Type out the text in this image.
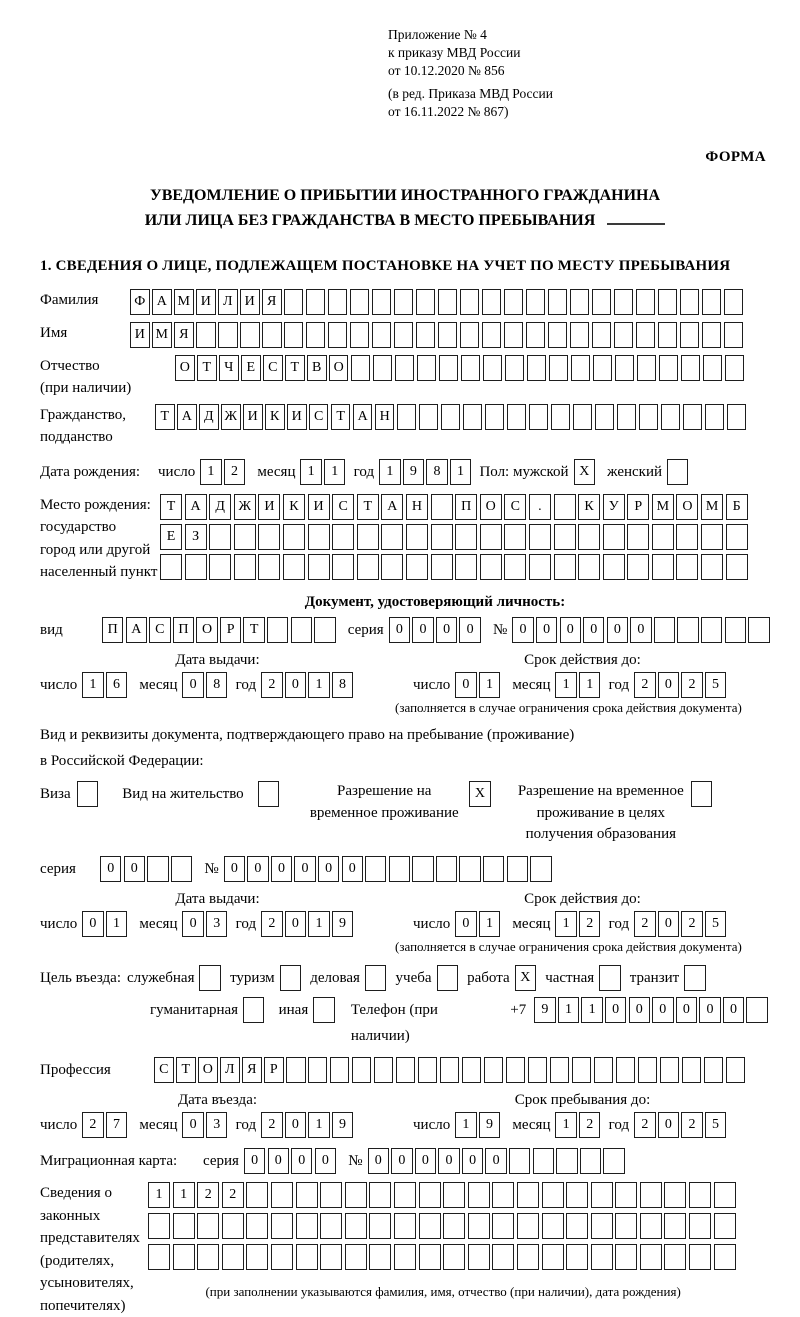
Приложение № 4
к приказу МВД России
от 10.12.2020 № 856
(в ред. Приказа МВД России
от 16.11.2022 № 867)
ФОРМА
УВЕДОМЛЕНИЕ О ПРИБЫТИИ ИНОСТРАННОГО ГРАЖДАНИНА
ИЛИ ЛИЦА БЕЗ ГРАЖДАНСТВА В МЕСТО ПРЕБЫВАНИЯ
1. СВЕДЕНИЯ О ЛИЦЕ, ПОДЛЕЖАЩЕМ ПОСТАНОВКЕ НА УЧЕТ ПО МЕСТУ ПРЕБЫВАНИЯ
Фамилия	Ф А М И Л И Я
Имя	И М Я
Отчество
(при наличии)
О Т Ч Е С Т В О
Гражданство,
подданство
Т А Д Ж И К И С Т А Н
Дата рождения:	число 1	2	месяц 1	1	год 1	9	8	1	Пол: мужской X	женский
Место рождения:
государство
город или другой
населенный пункт
Т	А	Д Ж И	К	И	С	Т	А	Н	П	О	С	.	К	У	Р	М О М	Б
Е	З
Документ, удостоверяющий личность:
вид	П А С П О	Р	Т	серия 0	0	0	0	№ 0	0	0	0	0	0
Дата выдачи:
число 1	6	месяц 0	8	год 2	0	1	8
Срок действия до:
число 0	1	месяц 1	1	год 2	0	2	5
(заполняется в случае ограничения срока действия документа)
Вид и реквизиты документа, подтверждающего право на пребывание (проживание)
в Российской Федерации:
Виза	Вид на жительство	Разрешение на временное проживание
X	Разрешение на временное проживание в целях получения образования
серия	0	0	№ 0	0	0	0	0	0
Дата выдачи:
число 0	1	месяц 0	3	год 2	0	1	9
Срок действия до:
число 0	1	месяц 1	2	год 2	0	2	5
(заполняется в случае ограничения срока действия документа)
Цель въезда: служебная туризм деловая учеба работа X частная транзит
гуманитарная	иная	Телефон (при наличии)
+7	9	1	1	0	0	0	0	0	0
Профессия	С Т О Л Я Р
Дата въезда:
число 2	7	месяц 0	3	год 2	0	1	9
Срок пребывания до:
число 1	9	месяц 1	2	год 2	0	2	5
Миграционная карта:	серия 0	0	0	0	№ 0	0	0	0	0	0
Сведения о
законных
представителях
(родителях,
усыновителях,
попечителях)
1	1	2	2
(при заполнении указываются фамилия, имя, отчество (при наличии), дата рождения)
